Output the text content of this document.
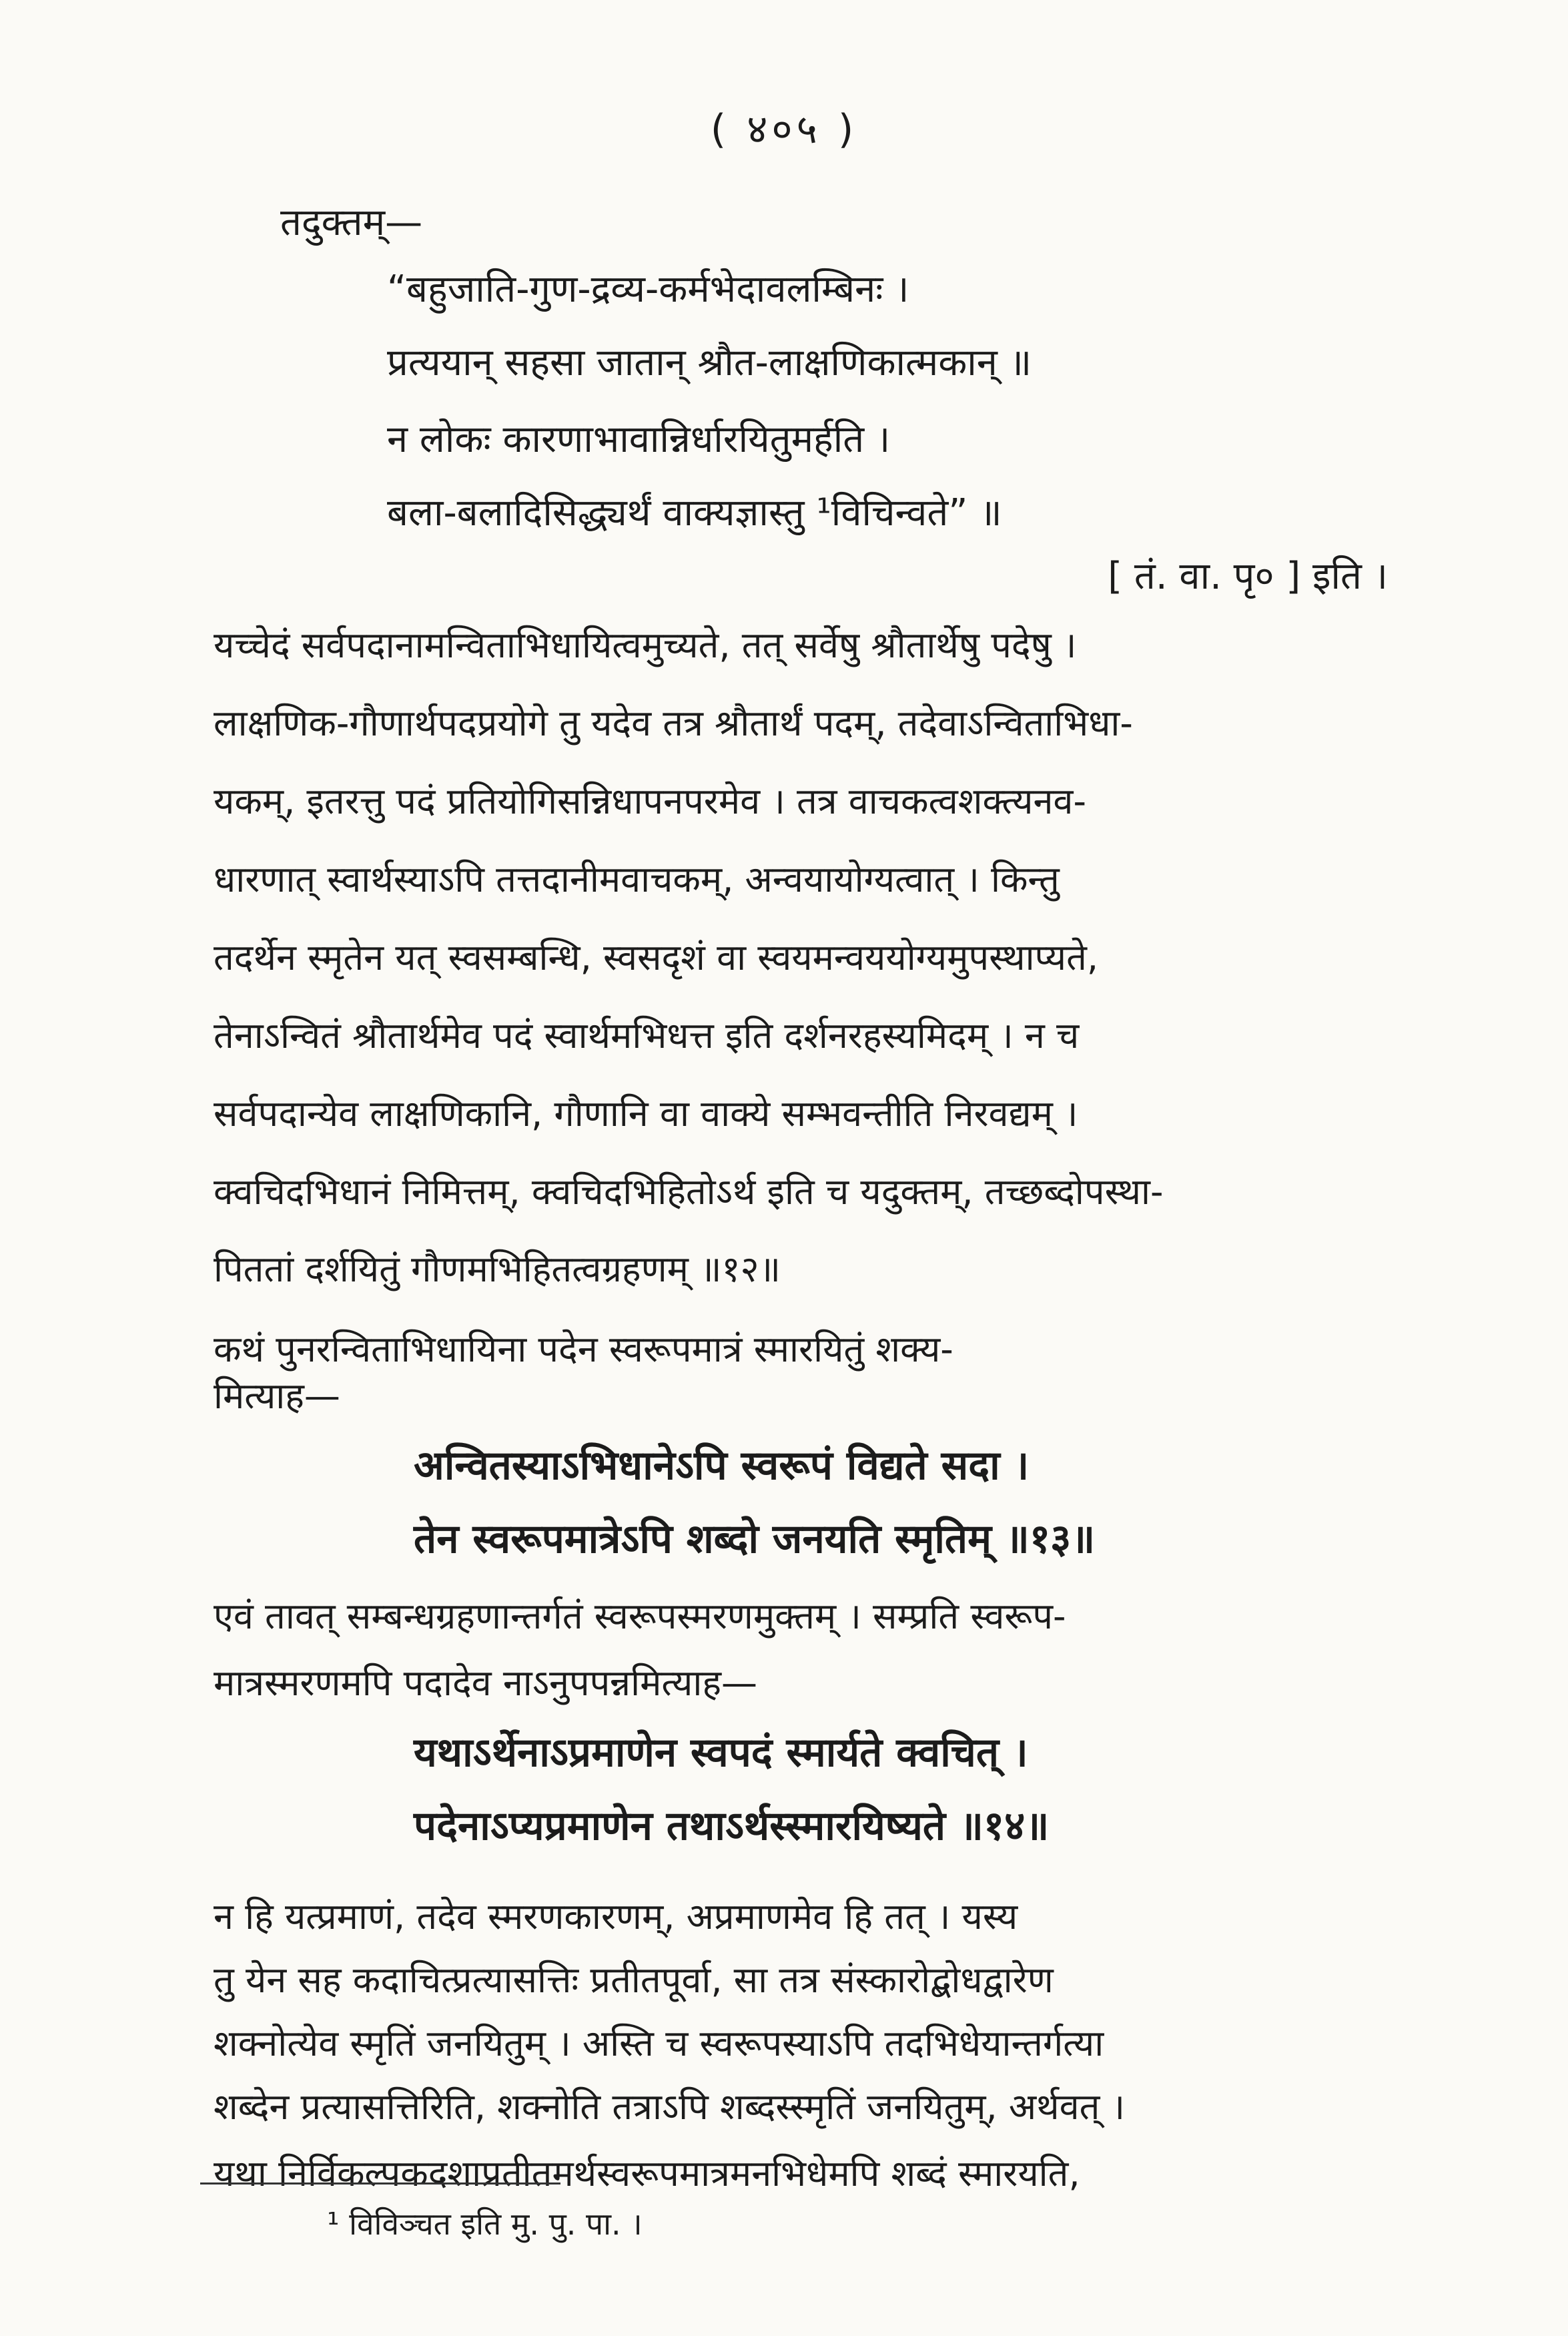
( ४०५ )
तदुक्तम्—
“बहुजाति-गुण-द्रव्य-कर्मभेदावलम्बिनः ।
प्रत्ययान् सहसा जातान् श्रौत-लाक्षणिकात्मकान् ॥
न लोकः कारणाभावान्निर्धारयितुमर्हति ।
बला-बलादिसिद्ध्यर्थं वाक्यज्ञास्तु ¹विचिन्वते” ॥
[ तं. वा. पृ० ] इति ।
यच्चेदं सर्वपदानामन्विताभिधायित्वमुच्यते, तत् सर्वेषु श्रौतार्थेषु पदेषु ।
लाक्षणिक-गौणार्थपदप्रयोगे तु यदेव तत्र श्रौतार्थं पदम्, तदेवाऽन्विताभिधा-
यकम्, इतरत्तु पदं प्रतियोगिसन्निधापनपरमेव । तत्र वाचकत्वशक्त्यनव-
धारणात् स्वार्थस्याऽपि तत्तदानीमवाचकम्, अन्वयायोग्यत्वात् । किन्तु
तदर्थेन स्मृतेन यत् स्वसम्बन्धि, स्वसदृशं वा स्वयमन्वययोग्यमुपस्थाप्यते,
तेनाऽन्वितं श्रौतार्थमेव पदं स्वार्थमभिधत्त इति दर्शनरहस्यमिदम् । न च
सर्वपदान्येव लाक्षणिकानि, गौणानि वा वाक्ये सम्भवन्तीति निरवद्यम् ।
क्वचिदभिधानं निमित्तम्, क्वचिदभिहितोऽर्थ इति च यदुक्तम्, तच्छब्दोपस्था-
पिततां दर्शयितुं गौणमभिहितत्वग्रहणम् ॥१२॥
कथं पुनरन्विताभिधायिना पदेन स्वरूपमात्रं स्मारयितुं शक्य-
मित्याह—
अन्वितस्याऽभिधानेऽपि स्वरूपं विद्यते सदा ।
तेन स्वरूपमात्रेऽपि शब्दो जनयति स्मृतिम् ॥१३॥
एवं तावत् सम्बन्धग्रहणान्तर्गतं स्वरूपस्मरणमुक्तम् । सम्प्रति स्वरूप-
मात्रस्मरणमपि पदादेव नाऽनुपपन्नमित्याह—
यथाऽर्थेनाऽप्रमाणेन स्वपदं स्मार्यते क्वचित् ।
पदेनाऽप्यप्रमाणेन तथाऽर्थस्स्मारयिष्यते ॥१४॥
न हि यत्प्रमाणं, तदेव स्मरणकारणम्, अप्रमाणमेव हि तत् । यस्य
तु येन सह कदाचित्प्रत्यासत्तिः प्रतीतपूर्वा, सा तत्र संस्कारोद्बोधद्वारेण
शक्नोत्येव स्मृतिं जनयितुम् । अस्ति च स्वरूपस्याऽपि तदभिधेयान्तर्गत्या
शब्देन प्रत्यासत्तिरिति, शक्नोति तत्राऽपि शब्दस्स्मृतिं जनयितुम्, अर्थवत् ।
यथा निर्विकल्पकदशाप्रतीतमर्थस्वरूपमात्रमनभिधेमपि शब्दं स्मारयति,
¹ विविञ्चत इति मु. पु. पा. ।
